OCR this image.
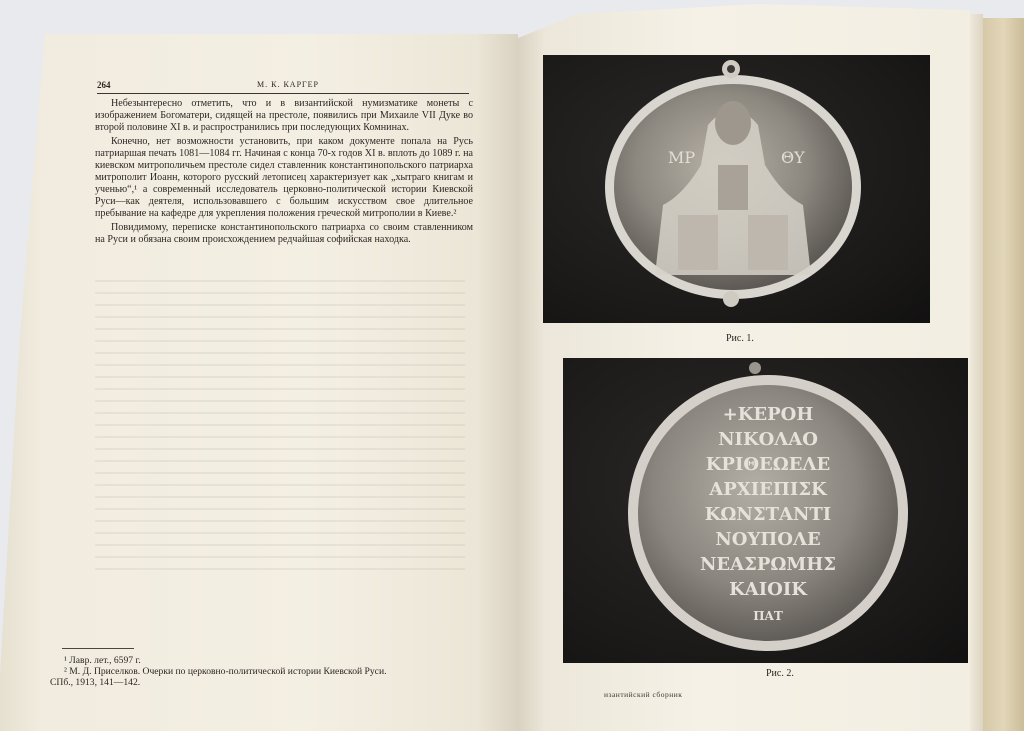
264	М. К. КАРГЕР

Небезынтересно отметить, что и в византийской нумизматике монеты с изображением Богоматери, сидящей на престоле, появились при Михаиле VII Дуке во второй половине XI в. и распространились при последующих Комнинах.

Конечно, нет возможности установить, при каком документе попала на Русь патриаршая печать 1081—1084 гг. Начиная с конца 70-х годов XI в. вплоть до 1089 г. на киевском митрополичьем престоле сидел ставленник константинопольского патриарха митрополит Иоанн, которого русский летописец характеризует как „хытраго книгам и ученью“,¹ а современный исследователь церковно-политической истории Киевской Руси—как деятеля, использовавшего с большим искусством свое длительное пребывание на кафедре для укрепления положения греческой митрополии в Киеве.²

Повидимому, переписке константинопольского патриарха со своим ставленником на Руси и обязана своим происхождением редчайшая софийская находка.

¹ Лавр. лет., 6597 г.
² М. Д. Приселков. Очерки по церковно-политической истории Киевской Руси.
СПб., 1913, 141—142.
МР	ΘΥ
Рис. 1.
+ΚΕΡΟΗ
ΝΙΚΟΛΑΟ
ΚΡΙΘΕΩΕΛΕ
ΑΡΧΙΕΠΙΣΚ
ΚΩΝΣΤΑΝΤΙ
ΝΟΥΠΟΛΕ
ΝΕΑΣΡΩΜΗΣ
ΚΑΙΟΙΚ
ΠΑΤ
Рис. 2.
изантийский сборник
